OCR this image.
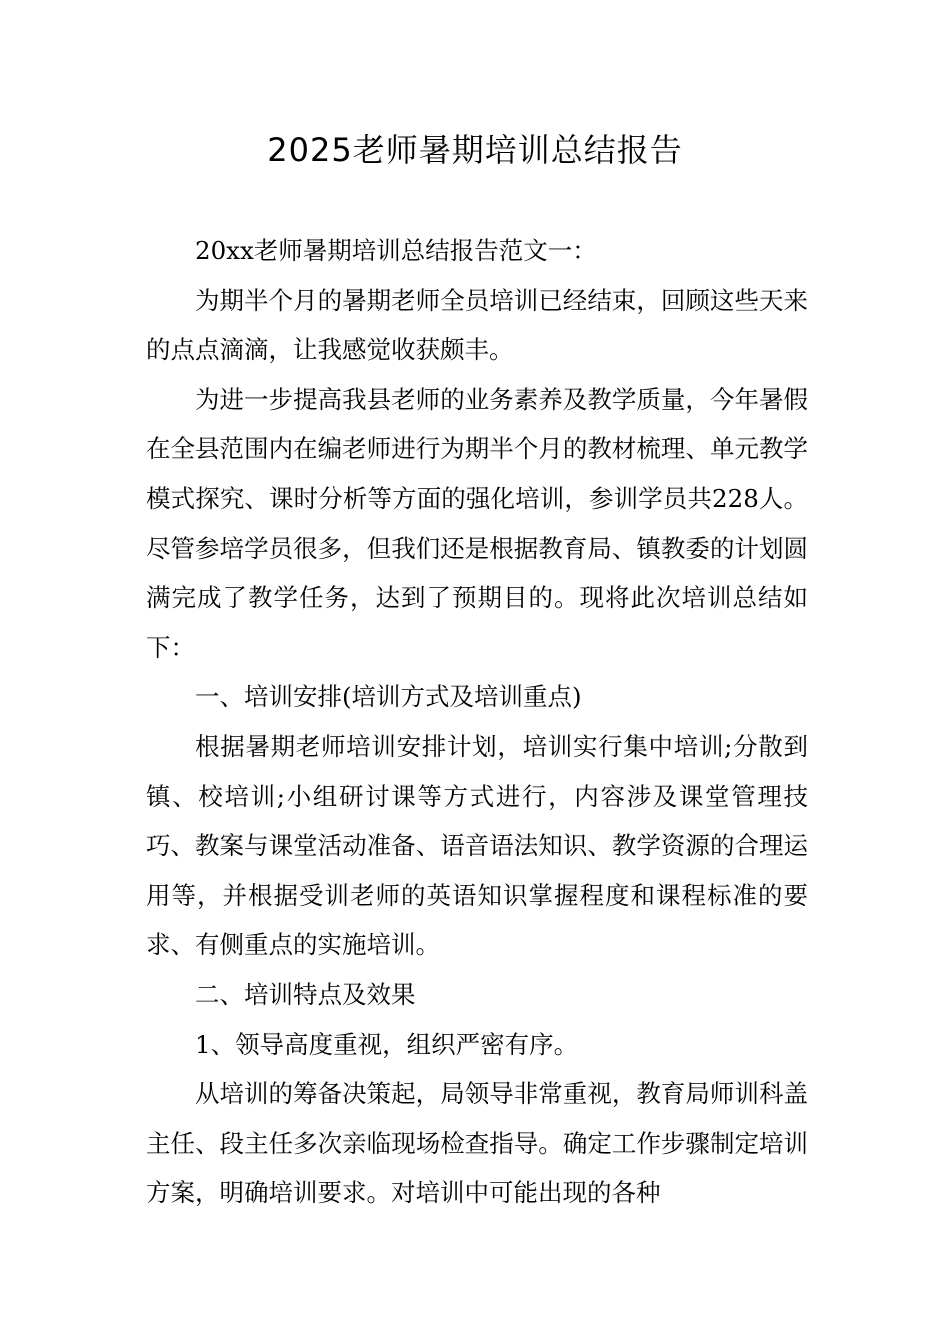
2025老师暑期培训总结报告

20xx老师暑期培训总结报告范文一：

为期半个月的暑期老师全员培训已经结束，回顾这些天来的点点滴滴，让我感觉收获颇丰。

为进一步提高我县老师的业务素养及教学质量，今年暑假在全县范围内在编老师进行为期半个月的教材梳理、单元教学模式探究、课时分析等方面的强化培训，参训学员共228人。尽管参培学员很多，但我们还是根据教育局、镇教委的计划圆满完成了教学任务，达到了预期目的。现将此次培训总结如下：

一、培训安排(培训方式及培训重点)

根据暑期老师培训安排计划，培训实行集中培训;分散到镇、校培训;小组研讨课等方式进行，内容涉及课堂管理技巧、教案与课堂活动准备、语音语法知识、教学资源的合理运用等，并根据受训老师的英语知识掌握程度和课程标准的要求、有侧重点的实施培训。

二、培训特点及效果

1、领导高度重视，组织严密有序。

从培训的筹备决策起，局领导非常重视，教育局师训科盖主任、段主任多次亲临现场检查指导。确定工作步骤制定培训方案，明确培训要求。对培训中可能出现的各种
